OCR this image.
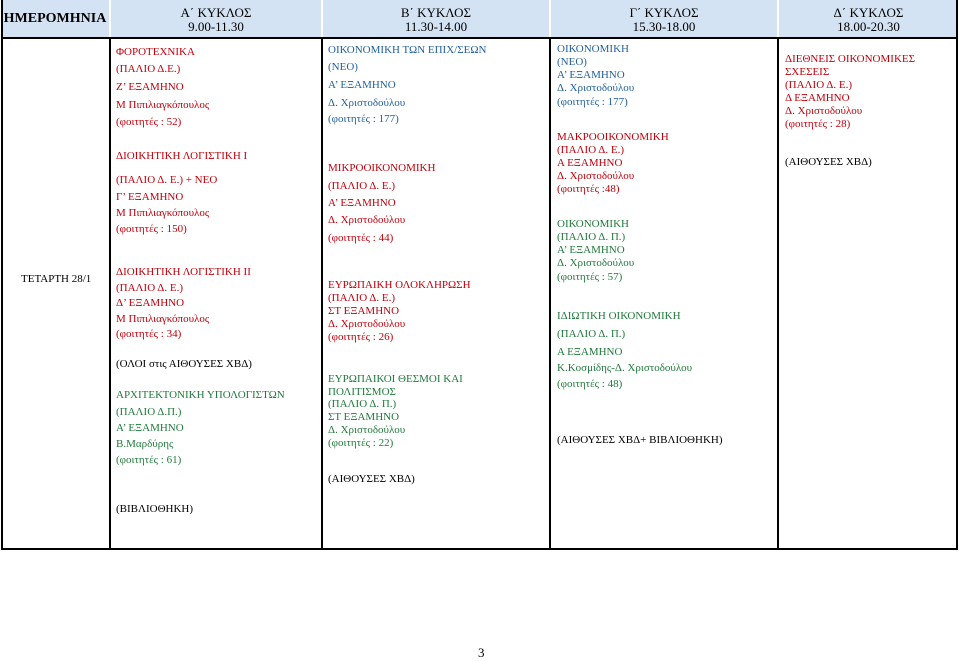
ΗΜΕΡΟΜΗΝΙΑ	Α΄ ΚΥΚΛΟΣ
9.00-11.30
Β΄ ΚΥΚΛΟΣ
11.30-14.00
Γ΄ ΚΥΚΛΟΣ
15.30-18.00
Δ΄ ΚΥΚΛΟΣ
18.00-20.30
ΤΕΤΑΡΤΗ 28/1
ΦΟΡΟΤΕΧΝΙΚΑ
(ΠΑΛΙΟ Δ.Ε.)
Ζ’ ΕΞΑΜΗΝΟ
Μ Πιπιλιαγκόπουλος
(φοιτητές : 52)
ΔΙΟΙΚΗΤΙΚΗ ΛΟΓΙΣΤΙΚΗ Ι
(ΠΑΛΙΟ Δ. Ε.) + ΝΕΟ
Γ’ ΕΞΑΜΗΝΟ
Μ Πιπιλιαγκόπουλος
(φοιτητές : 150)
ΔΙΟΙΚΗΤΙΚΗ ΛΟΓΙΣΤΙΚΗ ΙΙ
(ΠΑΛΙΟ Δ. Ε.)
Δ’ ΕΞΑΜΗΝΟ
Μ Πιπιλιαγκόπουλος
(φοιτητές : 34)
(ΟΛΟΙ στις ΑΙΘΟΥΣΕΣ ΧΒΔ)
ΑΡΧΙΤΕΚΤΟΝΙΚΗ ΥΠΟΛΟΓΙΣΤΩΝ
(ΠΑΛΙΟ Δ.Π.)
Α’ ΕΞΑΜΗΝΟ
Β.Μαρδύρης
(φοιτητές : 61)
(ΒΙΒΛΙΟΘΗΚΗ)
ΟΙΚΟΝΟΜΙΚΗ ΤΩΝ ΕΠΙΧ/ΣΕΩΝ
(ΝΕΟ)
Α’ ΕΞΑΜΗΝΟ
Δ. Χριστοδούλου
(φοιτητές : 177)
ΜΙΚΡΟΟΙΚΟΝΟΜΙΚΗ
(ΠΑΛΙΟ Δ. Ε.)
Α’ ΕΞΑΜΗΝΟ
Δ. Χριστοδούλου
(φοιτητές : 44)
ΕΥΡΩΠΑΙΚΗ ΟΛΟΚΛΗΡΩΣΗ
(ΠΑΛΙΟ Δ. Ε.)
ΣΤ ΕΞΑΜΗΝΟ
Δ. Χριστοδούλου
(φοιτητές : 26)
ΕΥΡΩΠΑΙΚΟΙ ΘΕΣΜΟΙ ΚΑΙ
ΠΟΛΙΤΙΣΜΟΣ
(ΠΑΛΙΟ Δ. Π.)
ΣΤ ΕΞΑΜΗΝΟ
Δ. Χριστοδούλου
(φοιτητές : 22)
(ΑΙΘΟΥΣΕΣ ΧΒΔ)
ΟΙΚΟΝΟΜΙΚΗ
(ΝΕΟ)
Α’ ΕΞΑΜΗΝΟ
Δ. Χριστοδούλου
(φοιτητές : 177)
ΜΑΚΡΟΟΙΚΟΝΟΜΙΚΗ
(ΠΑΛΙΟ Δ. Ε.)
Α ΕΞΑΜΗΝΟ
Δ. Χριστοδούλου
(φοιτητές :48)
ΟΙΚΟΝΟΜΙΚΗ
(ΠΑΛΙΟ Δ. Π.)
Α’ ΕΞΑΜΗΝΟ
Δ. Χριστοδούλου
(φοιτητές : 57)
ΙΔΙΩΤΙΚΗ ΟΙΚΟΝΟΜΙΚΗ
(ΠΑΛΙΟ Δ. Π.)
Α ΕΞΑΜΗΝΟ
Κ.Κοσμίδης-Δ. Χριστοδούλου
(φοιτητές : 48)
(ΑΙΘΟΥΣΕΣ ΧΒΔ+ ΒΙΒΛΙΟΘΗΚΗ)
ΔΙΕΘΝΕΙΣ ΟΙΚΟΝΟΜΙΚΕΣ
ΣΧΕΣΕΙΣ
(ΠΑΛΙΟ Δ. Ε.)
Δ ΕΞΑΜΗΝΟ
Δ. Χριστοδούλου
(φοιτητές : 28)
(ΑΙΘΟΥΣΕΣ ΧΒΔ)
3
